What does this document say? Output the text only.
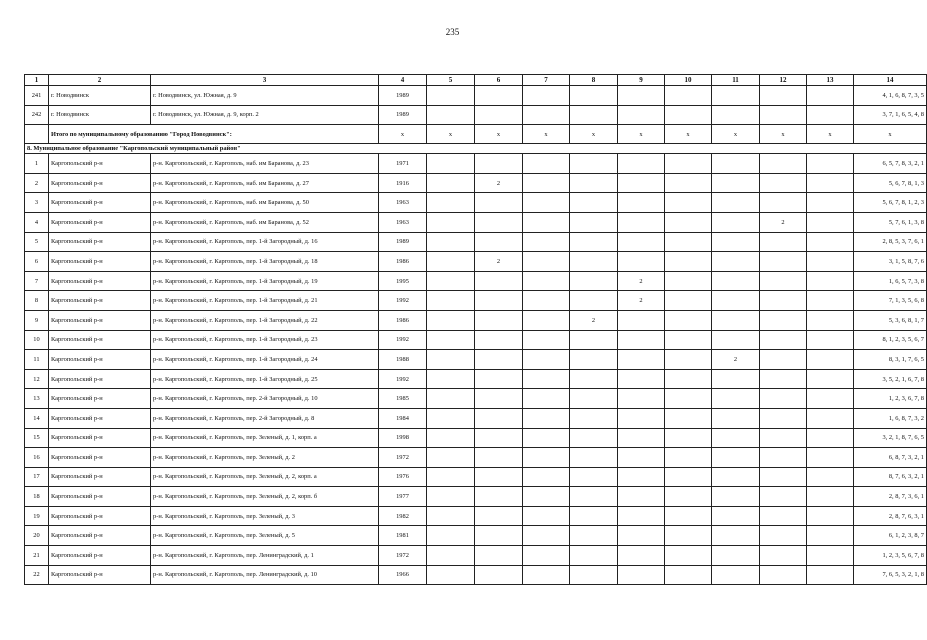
235
1	2	3	4	5	6	7	8	9	10	11	12	13	14
241	г. Новодвинск	г. Новодвинск, ул. Южная, д. 9	1989										4, 1, 6, 8, 7, 3, 5
242	г. Новодвинск	г. Новодвинск, ул. Южная, д. 9, корп. 2	1989										3, 7, 1, 6, 5, 4, 8
	Итого по муниципальному образованию "Город Новодвинск":		х	х	х	х	х	х	х	х	х	х	х
8. Муниципальное образование "Каргопольский муниципальный район"													
1	Каргопольский р-н	р-н. Каргопольский, г. Каргополь, наб. им Баранова, д. 23	1971										6, 5, 7, 8, 3, 2, 1
2	Каргопольский р-н	р-н. Каргопольский, г. Каргополь, наб. им Баранова, д. 27	1916		2								5, 6, 7, 8, 1, 3
3	Каргопольский р-н	р-н. Каргопольский, г. Каргополь, наб. им Баранова, д. 50	1963										5, 6, 7, 8, 1, 2, 3
4	Каргопольский р-н	р-н. Каргопольский, г. Каргополь, наб. им Баранова, д. 52	1963								2		5, 7, 6, 1, 3, 8
5	Каргопольский р-н	р-н. Каргопольский, г. Каргополь, пер. 1-й Загородный, д. 16	1989										2, 8, 5, 3, 7, 6, 1
6	Каргопольский р-н	р-н. Каргопольский, г. Каргополь, пер. 1-й Загородный, д. 18	1986		2								3, 1, 5, 8, 7, 6
7	Каргопольский р-н	р-н. Каргопольский, г. Каргополь, пер. 1-й Загородный, д. 19	1995					2					1, 6, 5, 7, 3, 8
8	Каргопольский р-н	р-н. Каргопольский, г. Каргополь, пер. 1-й Загородный, д. 21	1992					2					7, 1, 3, 5, 6, 8
9	Каргопольский р-н	р-н. Каргопольский, г. Каргополь, пер. 1-й Загородный, д. 22	1986				2						5, 3, 6, 8, 1, 7
10	Каргопольский р-н	р-н. Каргопольский, г. Каргополь, пер. 1-й Загородный, д. 23	1992										8, 1, 2, 3, 5, 6, 7
11	Каргопольский р-н	р-н. Каргопольский, г. Каргополь, пер. 1-й Загородный, д. 24	1988							2			8, 3, 1, 7, 6, 5
12	Каргопольский р-н	р-н. Каргопольский, г. Каргополь, пер. 1-й Загородный, д. 25	1992										3, 5, 2, 1, 6, 7, 8
13	Каргопольский р-н	р-н. Каргопольский, г. Каргополь, пер. 2-й Загородный, д. 10	1985										1, 2, 3, 6, 7, 8
14	Каргопольский р-н	р-н. Каргопольский, г. Каргополь, пер. 2-й Загородный, д. 8	1984										1, 6, 8, 7, 3, 2
15	Каргопольский р-н	р-н. Каргопольский, г. Каргополь, пер. Зеленый, д. 1, корп. а	1998										3, 2, 1, 8, 7, 6, 5
16	Каргопольский р-н	р-н. Каргопольский, г. Каргополь, пер. Зеленый, д. 2	1972										6, 8, 7, 3, 2, 1
17	Каргопольский р-н	р-н. Каргопольский, г. Каргополь, пер. Зеленый, д. 2, корп. а	1976										8, 7, 6, 3, 2, 1
18	Каргопольский р-н	р-н. Каргопольский, г. Каргополь, пер. Зеленый, д. 2, корп. б	1977										2, 8, 7, 3, 6, 1
19	Каргопольский р-н	р-н. Каргопольский, г. Каргополь, пер. Зеленый, д. 3	1982										2, 8, 7, 6, 3, 1
20	Каргопольский р-н	р-н. Каргопольский, г. Каргополь, пер. Зеленый, д. 5	1981										6, 1, 2, 3, 8, 7
21	Каргопольский р-н	р-н. Каргопольский, г. Каргополь, пер. Ленинградский, д. 1	1972										1, 2, 3, 5, 6, 7, 8
22	Каргопольский р-н	р-н. Каргопольский, г. Каргополь, пер. Ленинградский, д. 10	1966										7, 6, 5, 3, 2, 1, 8
